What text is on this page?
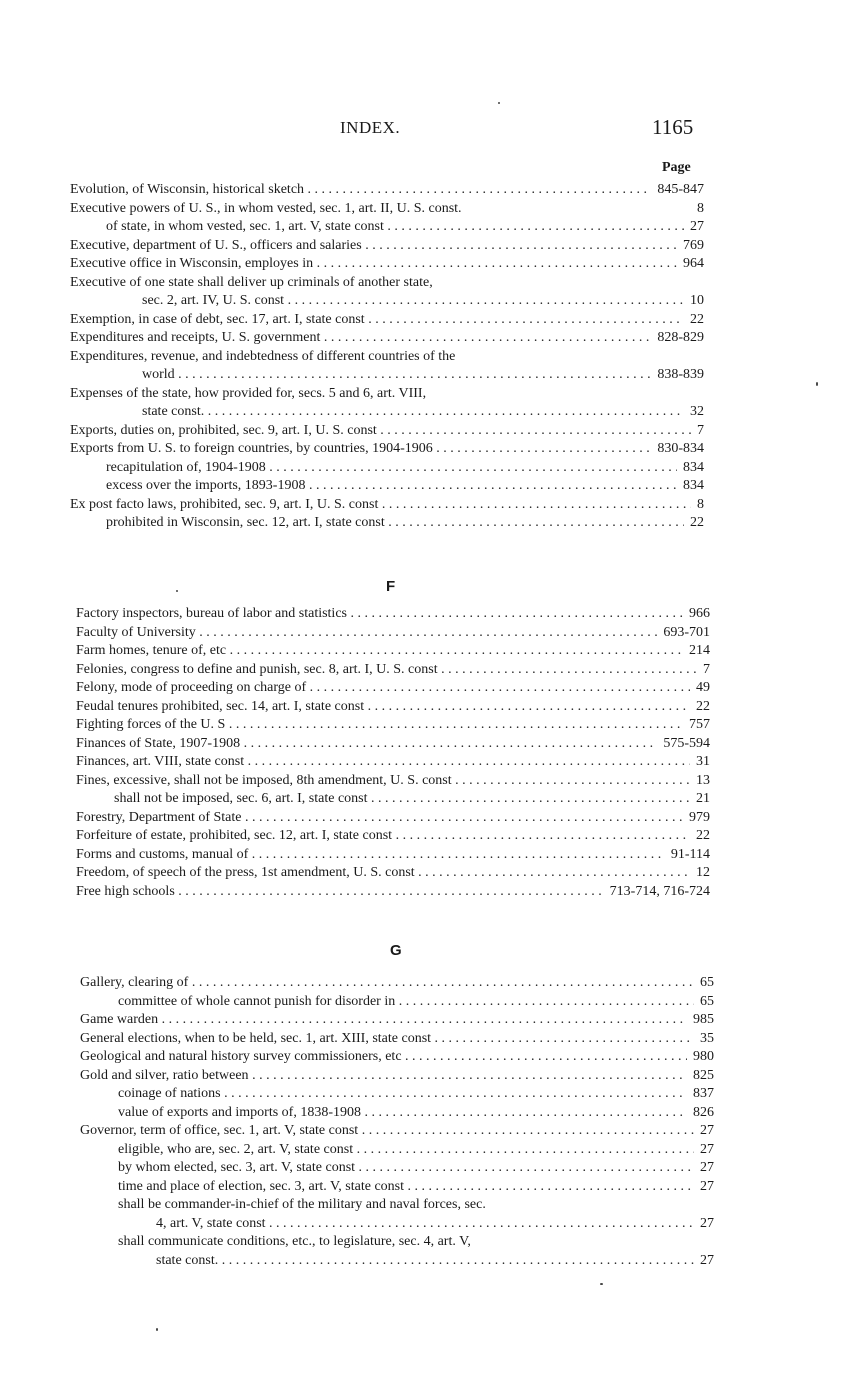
INDEX.	1165
Page
Evolution, of Wisconsin, historical sketch . . .	845-847
Executive powers of U. S., in whom vested, sec. 1, art. II, U. S. const.	8
of state, in whom vested, sec. 1, art. V, state const . . .	27
Executive, department of U. S., officers and salaries . . .	769
Executive office in Wisconsin, employes in . . .	964
Executive of one state shall deliver up criminals of another state,
sec. 2, art. IV, U. S. const . . .	10
Exemption, in case of debt, sec. 17, art. I, state const . . .	22
Expenditures and receipts, U. S. government . . .	828-829
Expenditures, revenue, and indebtedness of different countries of the
world . . .	838-839
Expenses of the state, how provided for, secs. 5 and 6, art. VIII,
state const. . . .	32
Exports, duties on, prohibited, sec. 9, art. I, U. S. const . . .	7
Exports from U. S. to foreign countries, by countries, 1904-1906 . . .	830-834
recapitulation of, 1904-1908 . . .	834
excess over the imports, 1893-1908 . . .	834
Ex post facto laws, prohibited, sec. 9, art. I, U. S. const . . .	8
prohibited in Wisconsin, sec. 12, art. I, state const . . .	22
F
Factory inspectors, bureau of labor and statistics . . .	966
Faculty of University . . .	693-701
Farm homes, tenure of, etc . . .	214
Felonies, congress to define and punish, sec. 8, art. I, U. S. const . . .	7
Felony, mode of proceeding on charge of . . .	49
Feudal tenures prohibited, sec. 14, art. I, state const . . .	22
Fighting forces of the U. S . . .	757
Finances of State, 1907-1908 . . .	575-594
Finances, art. VIII, state const . . .	31
Fines, excessive, shall not be imposed, 8th amendment, U. S. const . . .	13
shall not be imposed, sec. 6, art. I, state const . . .	21
Forestry, Department of State . . .	979
Forfeiture of estate, prohibited, sec. 12, art. I, state const . . .	22
Forms and customs, manual of . . .	91-114
Freedom, of speech of the press, 1st amendment, U. S. const . . .	12
Free high schools . . .	713-714, 716-724
G
Gallery, clearing of . . .	65
committee of whole cannot punish for disorder in . . .	65
Game warden . . .	985
General elections, when to be held, sec. 1, art. XIII, state const . . .	35
Geological and natural history survey commissioners, etc . . .	980
Gold and silver, ratio between . . .	825
coinage of nations . . .	837
value of exports and imports of, 1838-1908 . . .	826
Governor, term of office, sec. 1, art. V, state const . . .	27
eligible, who are, sec. 2, art. V, state const . . .	27
by whom elected, sec. 3, art. V, state const . . .	27
time and place of election, sec. 3, art. V, state const . . .	27
shall be commander-in-chief of the military and naval forces, sec.
4, art. V, state const . . .	27
shall communicate conditions, etc., to legislature, sec. 4, art. V,
state const. . . .	27
